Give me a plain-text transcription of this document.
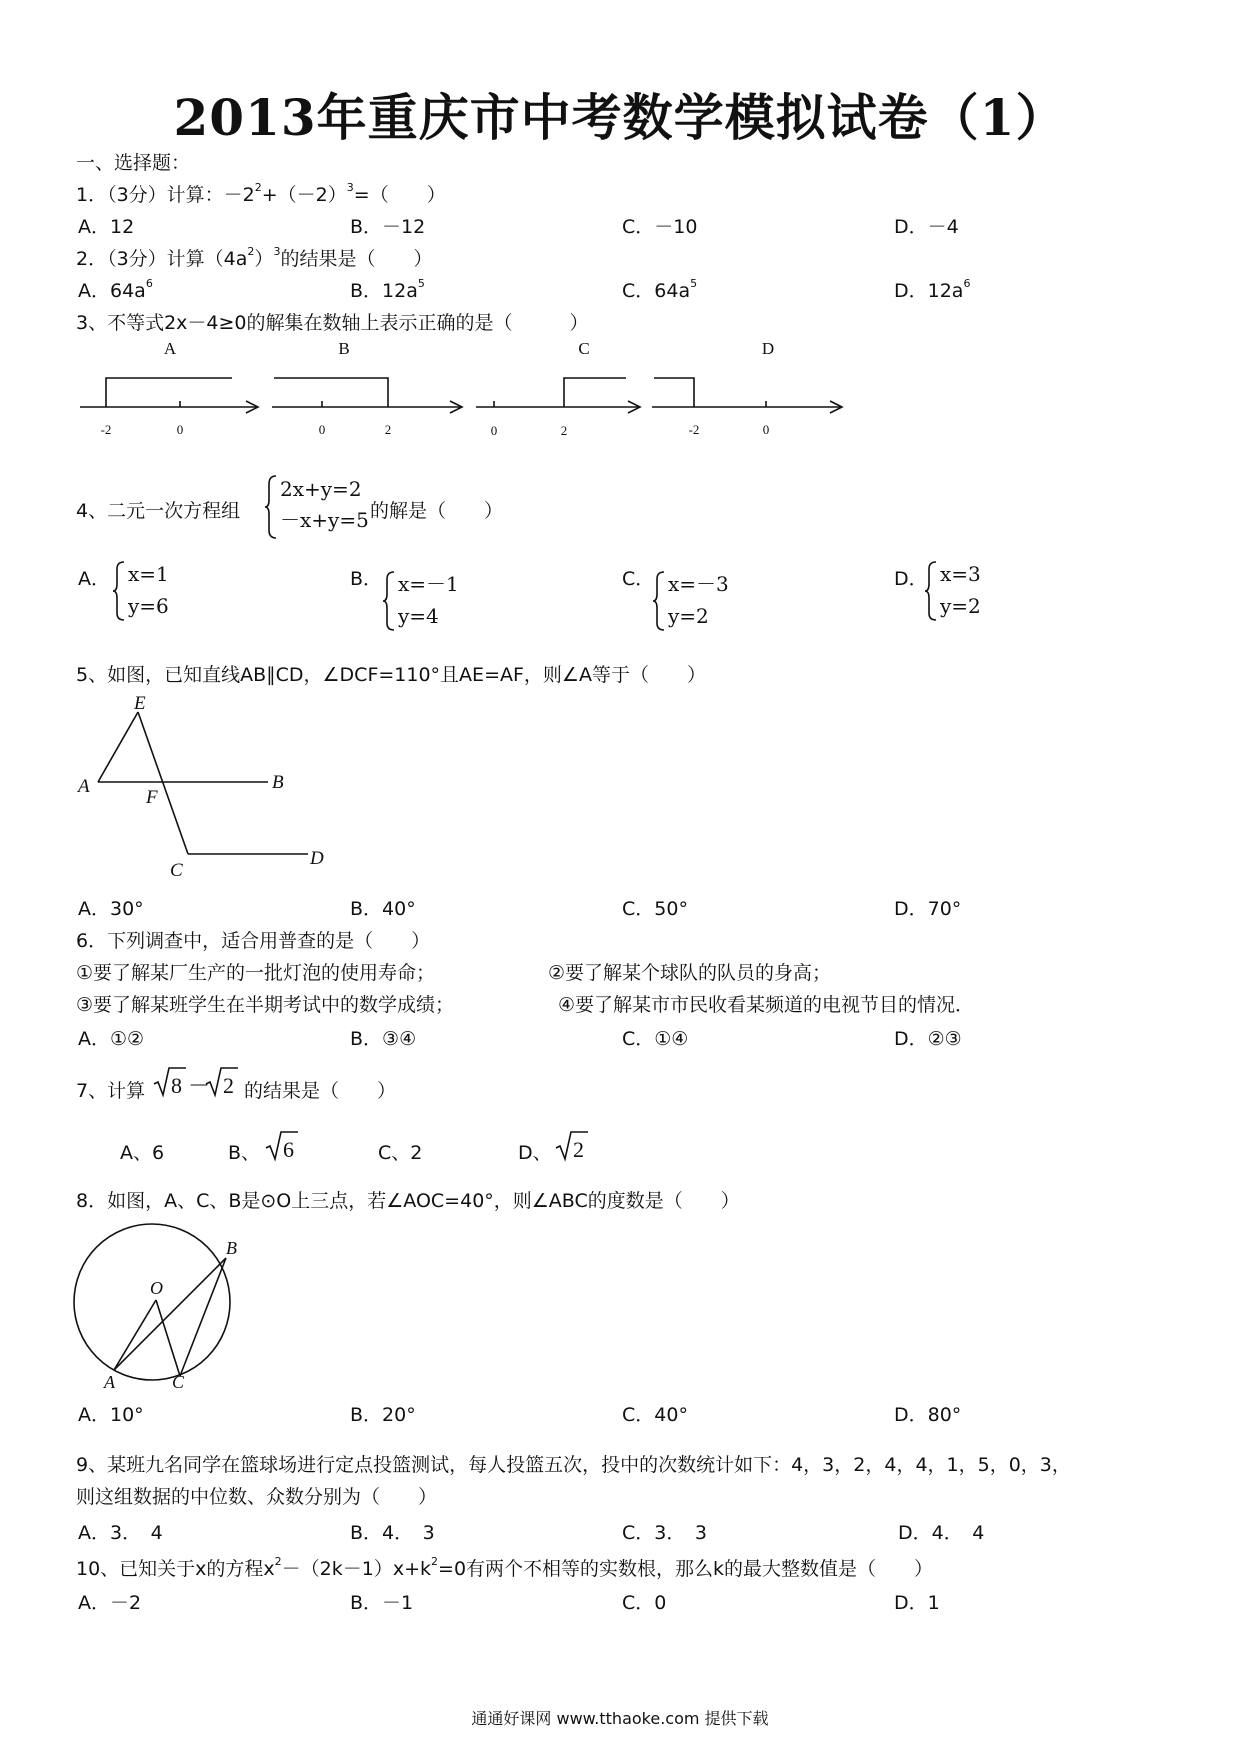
2013年重庆市中考数学模拟试卷（1）
一、选择题：
1．（3分）计算：$-2^2+(-2)^3=$（　　）
A．12	B．－12	C．－10	D．－4
2．（3分）计算$(4a^2)^3$的结果是（　　）
A．$64a^6$	B．$12a^5$	C．$64a^5$	D．$12a^6$
3、不等式2x－4≥0的解集在数轴上表示正确的是（　　　）
A	B	C	D
-2	0	0	2	0	2	-2	0
4、二元一次方程组
2x+y=2
－x+y=5 的解是（　　）
A． x=1
y=6
B． x=－1
y=4
C． x=－3
y=2
D． x=3
y=2
5、如图，已知直线AB∥CD，∠DCF=110°且AE=AF，则∠A等于（　　）
E
A
F
B
C
D
A．30°	B．40°	C．50°	D．70°
6．下列调查中，适合用普查的是（　　）
①要了解某厂生产的一批灯泡的使用寿命；	②要了解某个球队的队员的身高；
③要了解某班学生在半期考试中的数学成绩；	④要了解某市市民收看某频道的电视节目的情况．
A．①②	B．③④	C．①④	D．②③
7、计算 8 － 2 的结果是（　　）
A、6	B、 6	C、2	D、 2
8．如图，A、C、B是⊙O上三点，若∠AOC=40°，则∠ABC的度数是（　　）
O
B
A	C
A．10°	B．20°	C．40°	D．80°
9、某班九名同学在篮球场进行定点投篮测试，每人投篮五次，投中的次数统计如下：4，3，2，4，4，1，5，0，3，
则这组数据的中位数、众数分别为（　　）
A．3．　4	B．4．　3	C．3．　3	D．4．　4
10、已知关于x的方程$x^2-(2k-1)x+k^2=0$有两个不相等的实数根，那么k的最大整数值是（　　）
A．－2	B．－1	C．0	D．1
通通好课网 www.tthaoke.com 提供下载
